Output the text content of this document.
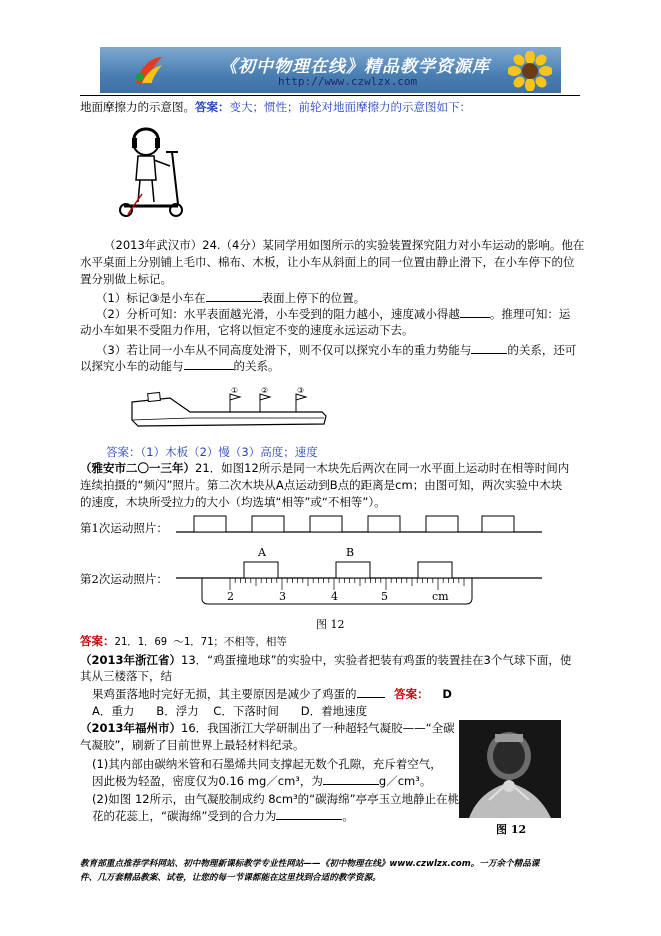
《初中物理在线》精品教学资源库
http://www.czwlzx.com
地面摩擦力的示意图。答案：变大；惯性；前轮对地面摩擦力的示意图如下：
（2013年武汉市）24.（4分）某同学用如图所示的实验装置探究阻力对小车运动的影响。他在
水平桌面上分别铺上毛巾、棉布、木板，让小车从斜面上的同一位置由静止滑下，在小车停下的位
置分别做上标记。
（1）标记③是小车在	表面上停下的位置。
（2）分析可知：水平表面越光滑，小车受到的阻力越小，速度减小得越	。推理可知：运
动小车如果不受阻力作用，它将以恒定不变的速度永远运动下去。
（3）若让同一小车从不同高度处滑下，则不仅可以探究小车的重力势能与	的关系，还可
以探究小车的动能与	的关系。
①	②	③
答案：（1）木板（2）慢（3）高度；速度
（雅安市二〇一三年）21．如图12所示是同一木块先后两次在同一水平面上运动时在相等时间内
连续拍摄的“频闪”照片。第二次木块从A点运动到B点的距离是cm；由图可知，两次实验中木块
的速度，木块所受拉力的大小（均选填“相等”或“不相等”）。
第1次运动照片：
第2次运动照片：
A	B
2	3	4	5	cm
图 12
答案：21．1．69 ～1．71；不相等，相等
（2013年浙江省）13．“鸡蛋撞地球”的实验中，实验者把装有鸡蛋的装置挂在3个气球下面，使
其从三楼落下，结
果鸡蛋落地时完好无损，其主要原因是减少了鸡蛋的	答案： D
A．重力      B．浮力    C．下落时间      D．着地速度
（2013年福州市）16．我国浙江大学研制出了一种超轻气凝胶——“全碳
气凝胶”，刷新了目前世界上最轻材料纪录。
(1)其内部由碳纳米管和石墨烯共同支撑起无数个孔隙，充斥着空气，
因此极为轻盈，密度仅为0.16 mg／cm³，为	g／cm³。
(2)如图 12所示，由气凝胶制成约 8cm³的“碳海绵”亭亭玉立地静止在桃
花的花蕊上，“碳海绵”受到的合力为	。
图 12
教育部重点推荐学科网站、初中物理新课标教学专业性网站——《初中物理在线》www.czwlzx.com。一万余个精品课
件、几万套精品教案、试卷，让您的每一节课都能在这里找到合适的教学资源。
